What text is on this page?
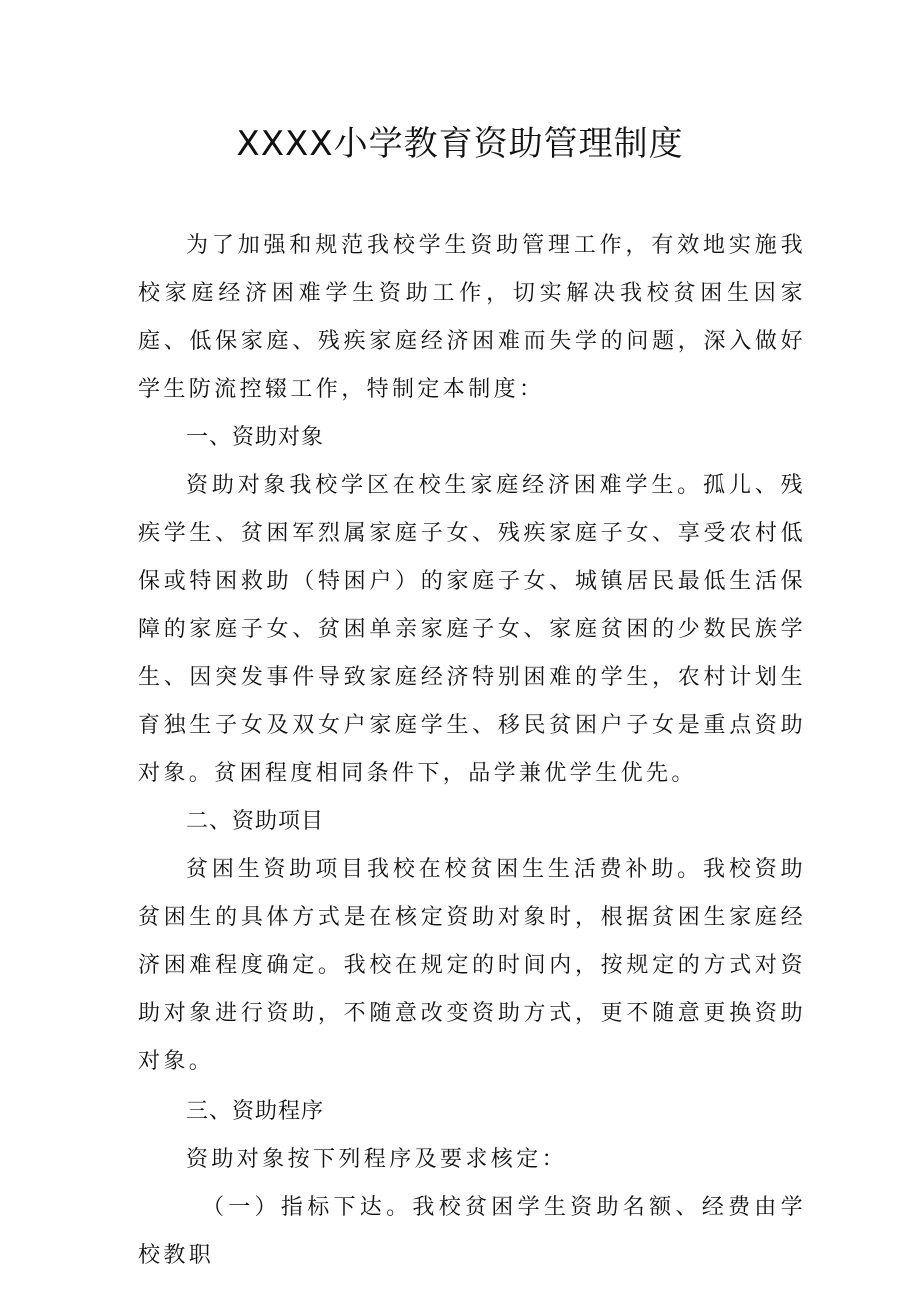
XXXX小学教育资助管理制度

为了加强和规范我校学生资助管理工作，有效地实施我校家庭经济困难学生资助工作，切实解决我校贫困生因家庭、低保家庭、残疾家庭经济困难而失学的问题，深入做好学生防流控辍工作，特制定本制度：

一、资助对象

资助对象我校学区在校生家庭经济困难学生。孤儿、残疾学生、贫困军烈属家庭子女、残疾家庭子女、享受农村低保或特困救助（特困户）的家庭子女、城镇居民最低生活保障的家庭子女、贫困单亲家庭子女、家庭贫困的少数民族学生、因突发事件导致家庭经济特别困难的学生，农村计划生育独生子女及双女户家庭学生、移民贫困户子女是重点资助对象。贫困程度相同条件下，品学兼优学生优先。

二、资助项目

贫困生资助项目我校在校贫困生生活费补助。我校资助贫困生的具体方式是在核定资助对象时，根据贫困生家庭经济困难程度确定。我校在规定的时间内，按规定的方式对资助对象进行资助，不随意改变资助方式，更不随意更换资助对象。

三、资助程序

资助对象按下列程序及要求核定：

（一）指标下达。我校贫困学生资助名额、经费由学校教职
